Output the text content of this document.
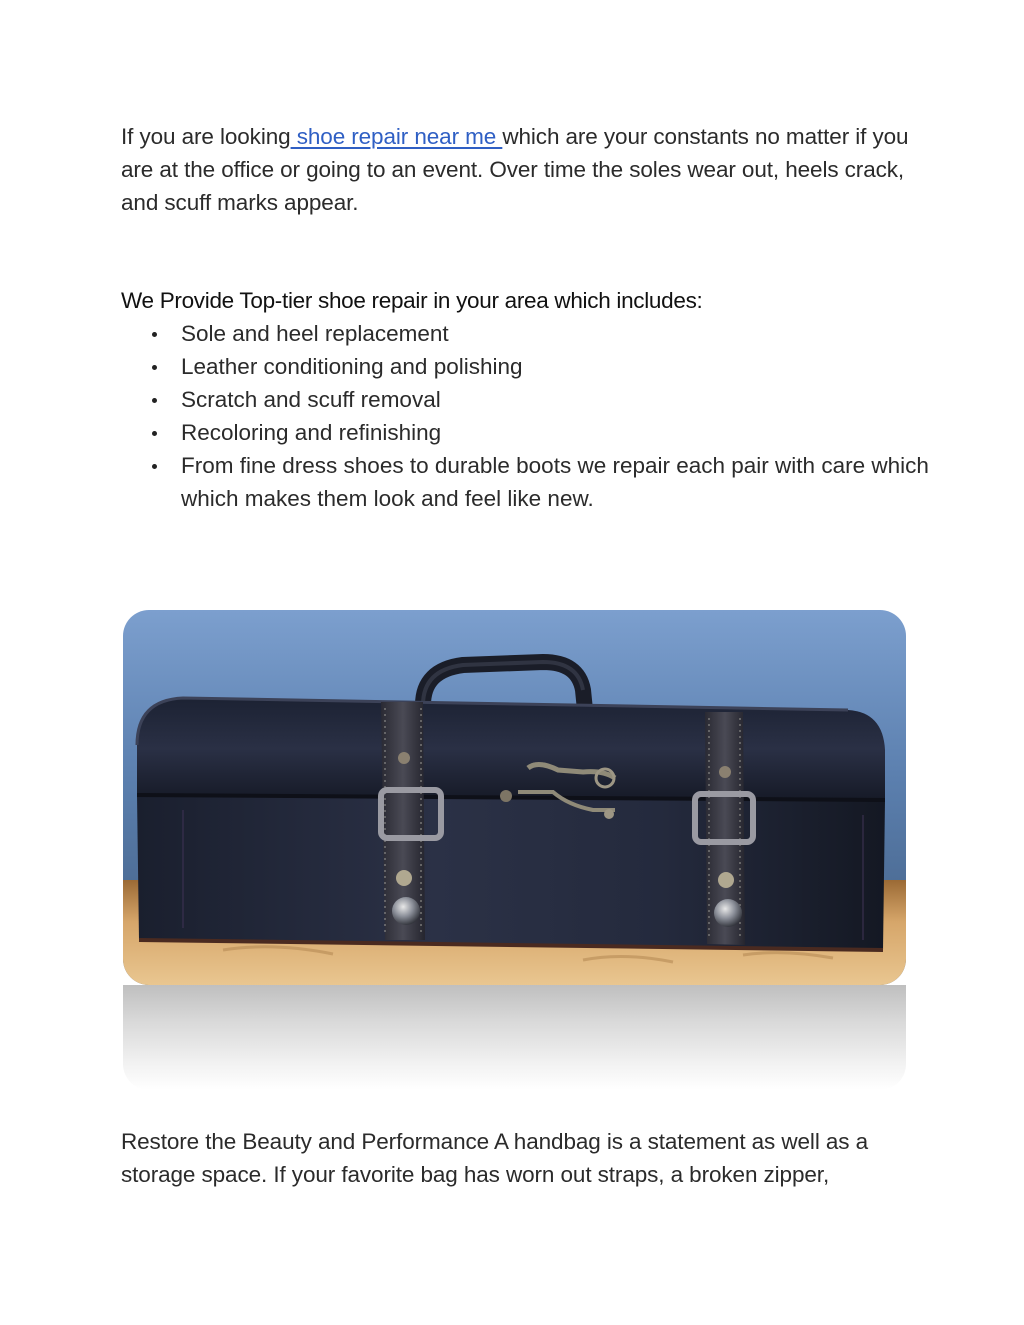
If you are looking shoe repair near me which are your constants no matter if you are at the office or going to an event. Over time the soles wear out, heels crack, and scuff marks appear.

We Provide Top-tier shoe repair in your area which includes:
Sole and heel replacement
Leather conditioning and polishing
Scratch and scuff removal
Recoloring and refinishing
From fine dress shoes to durable boots we repair each pair with care which which makes them look and feel like new.

Restore the Beauty and Performance A handbag is a statement as well as a storage space. If your favorite bag has worn out straps, a broken zipper,
